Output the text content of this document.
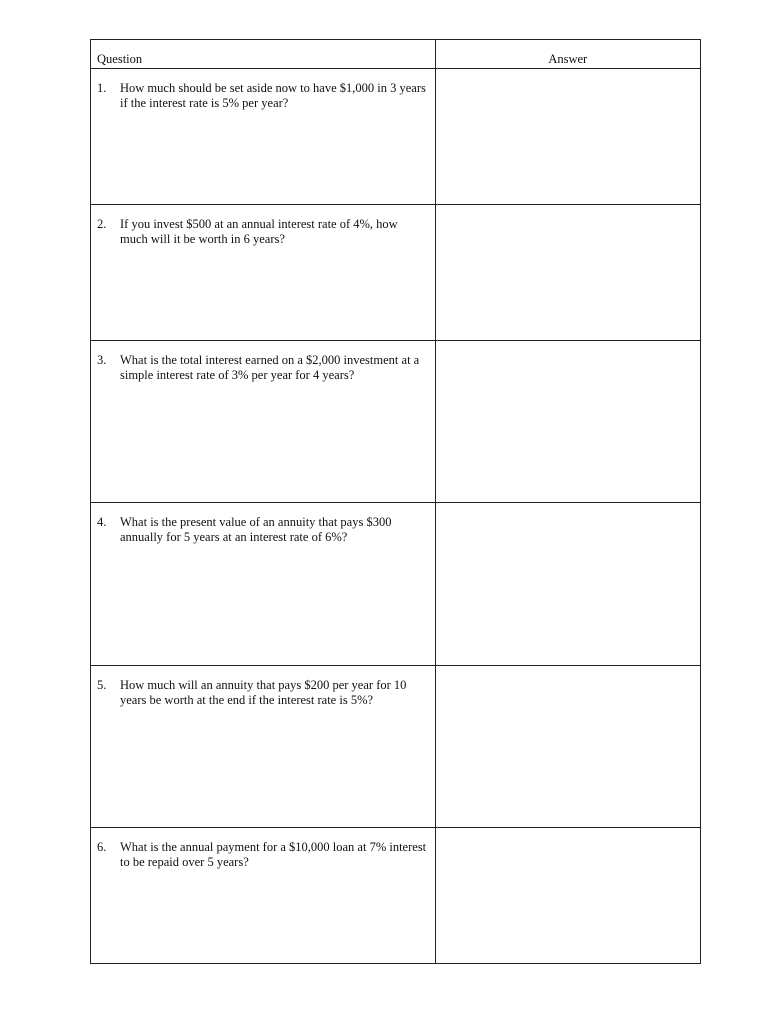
Question	Answer

1. How much should be set aside now to have $1,000 in 3 years if the interest rate is 5% per year?	

2. If you invest $500 at an annual interest rate of 4%, how much will it be worth in 6 years?	

3. What is the total interest earned on a $2,000 investment at a simple interest rate of 3% per year for 4 years?	

4. What is the present value of an annuity that pays $300 annually for 5 years at an interest rate of 6%?	

5. How much will an annuity that pays $200 per year for 10 years be worth at the end if the interest rate is 5%?	

6. What is the annual payment for a $10,000 loan at 7% interest to be repaid over 5 years?	
